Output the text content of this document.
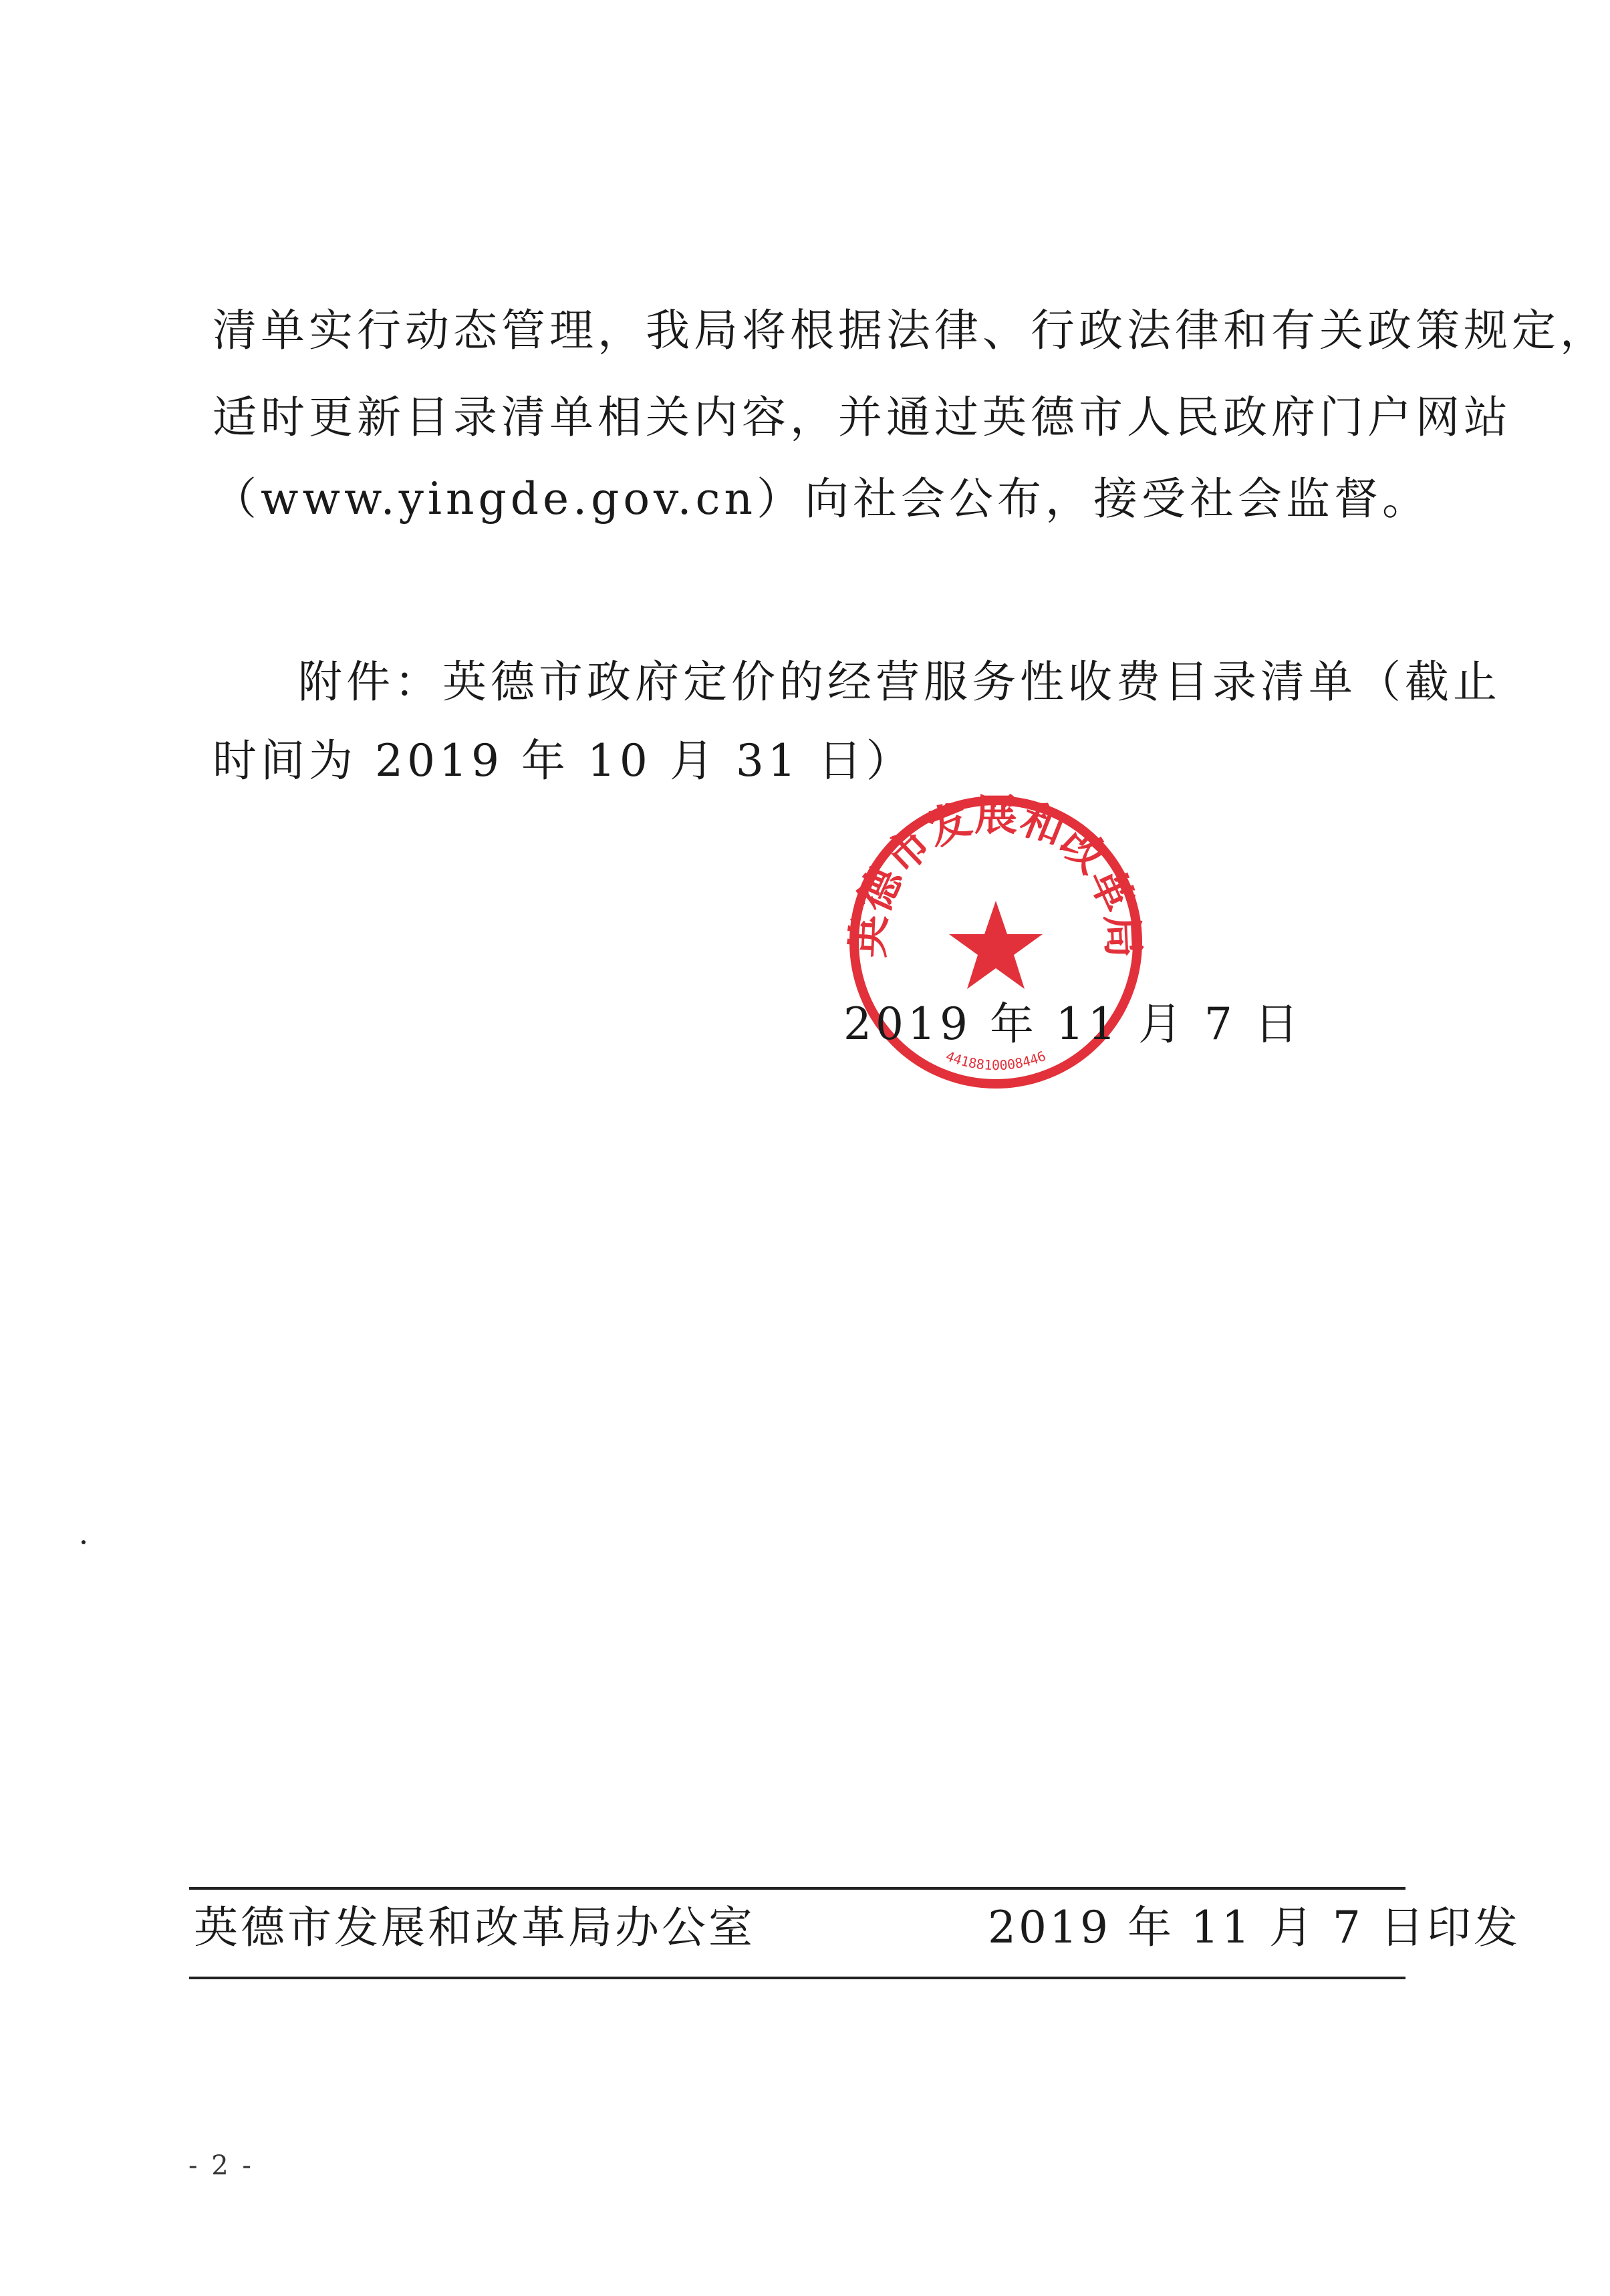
清单实行动态管理，我局将根据法律、行政法律和有关政策规定，
适时更新目录清单相关内容，并通过英德市人民政府门户网站
（www.yingde.gov.cn）向社会公布，接受社会监督。
附件：英德市政府定价的经营服务性收费目录清单（截止
时间为 2019 年 10 月 31 日）
英德市发展和改革局
4418810008446
2019 年 11 月 7 日
英德市发展和改革局办公室	2019 年 11 月 7 日印发
- 2 -
